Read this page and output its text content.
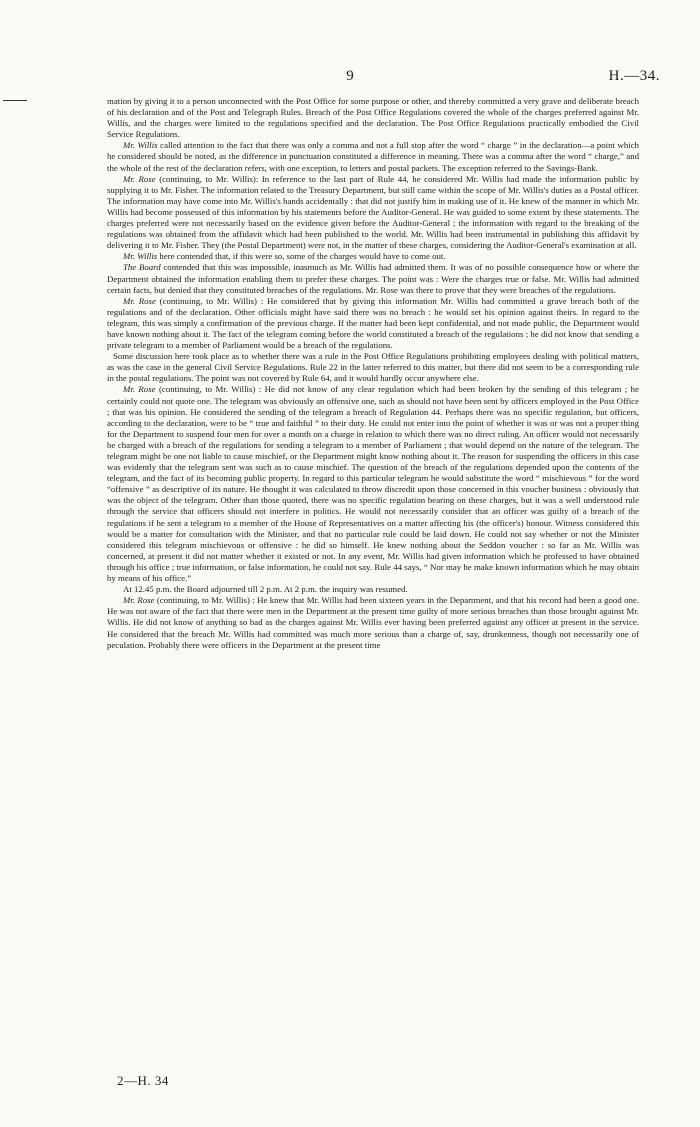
9	H.—34.

mation by giving it to a person unconnected with the Post Office for some purpose or other, and thereby committed a very grave and deliberate breach of his declaration and of the Post and Telegraph Rules. Breach of the Post Office Regulations covered the whole of the charges preferred against Mr. Willis, and the charges were limited to the regulations specified and the declaration. The Post Office Regulations practically embodied the Civil Service Regulations.

Mr. Willis called attention to the fact that there was only a comma and not a full stop after the word “ charge ” in the declaration—a point which he considered should be noted, as the difference in punctuation constituted a difference in meaning. There was a comma after the word “ charge,” and the whole of the rest of the declaration refers, with one exception, to letters and postal packets. The exception referred to the Savings-Bank.

Mr. Rose (continuing, to Mr. Willis): In reference to the last part of Rule 44, he considered Mr. Willis had made the information public by supplying it to Mr. Fisher. The information related to the Treasury Department, but still came within the scope of Mr. Willis's duties as a Postal officer. The information may have come into Mr. Willis's hands accidentally : that did not justify him in making use of it. He knew of the manner in which Mr. Willis had become possessed of this information by his statements before the Auditor-General. He was guided to some extent by these statements. The charges preferred were not necessarily based on the evidence given before the Auditor-General ; the information with regard to the breaking of the regulations was obtained from the affidavit which had been published to the world. Mr. Willis had been instrumental in publishing this affidavit by delivering it to Mr. Fisher. They (the Postal Department) were not, in the matter of these charges, considering the Auditor-General's examination at all.

Mr. Willis here contended that, if this were so, some of the charges would have to come out.

The Board contended that this was impossible, inasmuch as Mr. Willis had admitted them. It was of no possible consequence how or where the Department obtained the information enabling them to prefer these charges. The point was : Were the charges true or false. Mr. Willis had admitted certain facts, but denied that they constituted breaches of the regulations. Mr. Rose was there to prove that they were breaches of the regulations.

Mr. Rose (continuing, to Mr. Willis) : He considered that by giving this information Mr. Willis had committed a grave breach both of the regulations and of the declaration. Other officials might have said there was no breach : he would set his opinion against theirs. In regard to the telegram, this was simply a confirmation of the previous charge. If the matter had been kept confidential, and not made public, the Department would have known nothing about it. The fact of the telegram coming before the world constituted a breach of the regulations ; he did not know that sending a private telegram to a member of Parliament would be a breach of the regulations.

Some discussion here took place as to whether there was a rule in the Post Office Regulations prohibiting employees dealing with political matters, as was the case in the general Civil Service Regulations. Rule 22 in the latter referred to this matter, but there did not seem to be a corresponding rule in the postal regulations. The point was not covered by Rule 64, and it would hardly occur anywhere else.

Mr. Rose (continuing, to Mr. Willis) : He did not know of any clear regulation which had been broken by the sending of this telegram ; he certainly could not quote one. The telegram was obviously an offensive one, such as should not have been sent by officers employed in the Post Office ; that was his opinion. He considered the sending of the telegram a breach of Regulation 44. Perhaps there was no specific regulation, but officers, according to the declaration, were to be “ true and faithful ” to their duty. He could not enter into the point of whether it was or was not a proper thing for the Department to suspend four men for over a month on a charge in relation to which there was no direct ruling. An officer would not necessarily be charged with a breach of the regulations for sending a telegram to a member of Parliament ; that would depend on the nature of the telegram. The telegram might be one not liable to cause mischief, or the Department might know nothing about it. The reason for suspending the officers in this case was evidently that the telegram sent was such as to cause mischief. The question of the breach of the regulations depended upon the contents of the telegram, and the fact of its becoming public property. In regard to this particular telegram he would substitute the word “ mischievous ” for the word “offensive ” as descriptive of its nature. He thought it was calculated to throw discredit upon those concerned in this voucher business : obviously that was the object of the telegram. Other than those quoted, there was no specific regulation bearing on these charges, but it was a well understood rule through the service that officers should not interfere in politics. He would not necessarily consider that an officer was guilty of a breach of the regulations if he sent a telegram to a member of the House of Representatives on a matter affecting his (the officer's) honour. Witness considered this would be a matter for consultation with the Minister, and that no particular rule could be laid down. He could not say whether or not the Minister considered this telegram mischievous or offensive : he did so himself. He knew nothing about the Seddon voucher : so far as Mr. Willis was concerned, at present it did not matter whether it existed or not. In any event, Mr. Willis had given information which he professed to have obtained through his office ; true information, or false information, he could not say. Rule 44 says, “ Nor may he make known information which he may obtain by means of his office.”

At 12.45 p.m. the Board adjourned till 2 p.m. At 2 p.m. the inquiry was resumed.

Mr. Rose (continuing, to Mr. Willis) : He knew that Mr. Willis had been sixteen years in the Department, and that his record had been a good one. He was not aware of the fact that there were men in the Department at the present time guilty of more serious breaches than those brought against Mr. Willis. He did not know of anything so bad as the charges against Mr. Willis ever having been preferred against any officer at present in the service. He considered that the breach Mr. Willis had committed was much more serious than a charge of, say, drunkenness, though not necessarily one of peculation. Probably there were officers in the Department at the present time

2—H. 34
